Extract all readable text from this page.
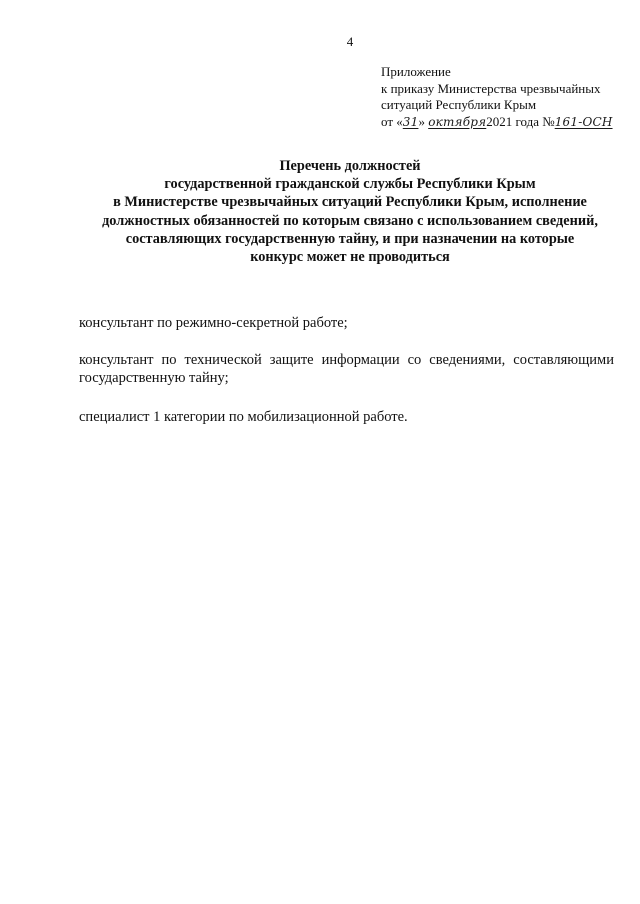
4
Приложение
к приказу Министерства чрезвычайных
ситуаций Республики Крым
от «31» октября2021 года №161-ОСН
Перечень должностей
государственной гражданской службы Республики Крым
в Министерстве чрезвычайных ситуаций Республики Крым, исполнение
должностных обязанностей по которым связано с использованием сведений,
составляющих государственную тайну, и при назначении на которые
конкурс может не проводиться

консультант по режимно-секретной работе;

консультант по технической защите информации со сведениями, составляющими государственную тайну;

специалист 1 категории по мобилизационной работе.
